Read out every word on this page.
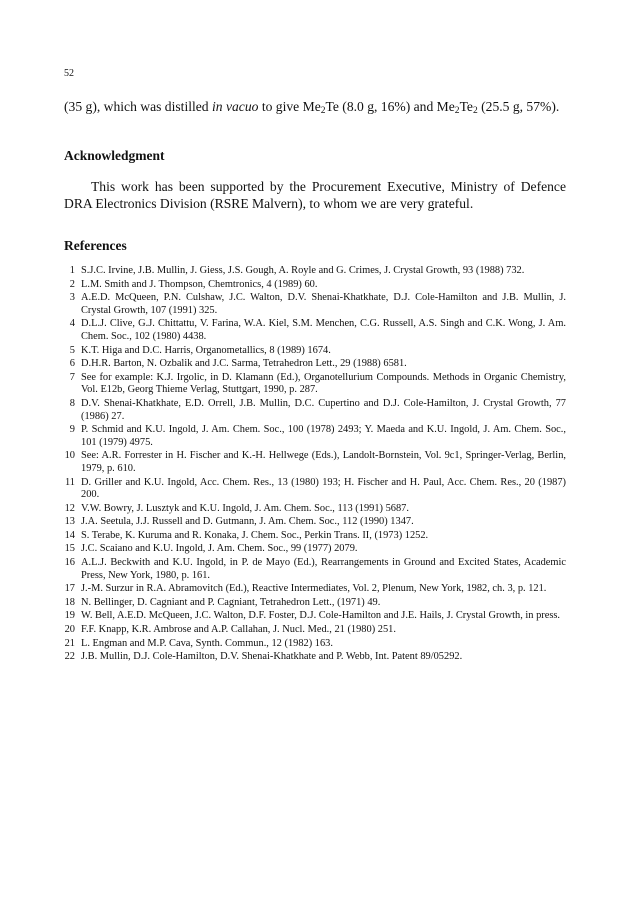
52

(35 g), which was distilled in vacuo to give $Me_2Te$ (8.0 g, 16%) and $Me_2Te_2$ (25.5 g, 57%).

Acknowledgment

This work has been supported by the Procurement Executive, Ministry of Defence DRA Electronics Division (RSRE Malvern), to whom we are very grateful.

References
1 S.J.C. Irvine, J.B. Mullin, J. Giess, J.S. Gough, A. Royle and G. Crimes, J. Crystal Growth, 93 (1988) 732.
2 L.M. Smith and J. Thompson, Chemtronics, 4 (1989) 60.
3 A.E.D. McQueen, P.N. Culshaw, J.C. Walton, D.V. Shenai-Khatkhate, D.J. Cole-Hamilton and J.B. Mullin, J. Crystal Growth, 107 (1991) 325.
4 D.L.J. Clive, G.J. Chittattu, V. Farina, W.A. Kiel, S.M. Menchen, C.G. Russell, A.S. Singh and C.K. Wong, J. Am. Chem. Soc., 102 (1980) 4438.
5 K.T. Higa and D.C. Harris, Organometallics, 8 (1989) 1674.
6 D.H.R. Barton, N. Ozbalik and J.C. Sarma, Tetrahedron Lett., 29 (1988) 6581.
7 See for example: K.J. Irgolic, in D. Klamann (Ed.), Organotellurium Compounds. Methods in Organic Chemistry, Vol. E12b, Georg Thieme Verlag, Stuttgart, 1990, p. 287.
8 D.V. Shenai-Khatkhate, E.D. Orrell, J.B. Mullin, D.C. Cupertino and D.J. Cole-Hamilton, J. Crystal Growth, 77 (1986) 27.
9 P. Schmid and K.U. Ingold, J. Am. Chem. Soc., 100 (1978) 2493; Y. Maeda and K.U. Ingold, J. Am. Chem. Soc., 101 (1979) 4975.
10 See: A.R. Forrester in H. Fischer and K.-H. Hellwege (Eds.), Landolt-Bornstein, Vol. 9c1, Springer-Verlag, Berlin, 1979, p. 610.
11 D. Griller and K.U. Ingold, Acc. Chem. Res., 13 (1980) 193; H. Fischer and H. Paul, Acc. Chem. Res., 20 (1987) 200.
12 V.W. Bowry, J. Lusztyk and K.U. Ingold, J. Am. Chem. Soc., 113 (1991) 5687.
13 J.A. Seetula, J.J. Russell and D. Gutmann, J. Am. Chem. Soc., 112 (1990) 1347.
14 S. Terabe, K. Kuruma and R. Konaka, J. Chem. Soc., Perkin Trans. II, (1973) 1252.
15 J.C. Scaiano and K.U. Ingold, J. Am. Chem. Soc., 99 (1977) 2079.
16 A.L.J. Beckwith and K.U. Ingold, in P. de Mayo (Ed.), Rearrangements in Ground and Excited States, Academic Press, New York, 1980, p. 161.
17 J.-M. Surzur in R.A. Abramovitch (Ed.), Reactive Intermediates, Vol. 2, Plenum, New York, 1982, ch. 3, p. 121.
18 N. Bellinger, D. Cagniant and P. Cagniant, Tetrahedron Lett., (1971) 49.
19 W. Bell, A.E.D. McQueen, J.C. Walton, D.F. Foster, D.J. Cole-Hamilton and J.E. Hails, J. Crystal Growth, in press.
20 F.F. Knapp, K.R. Ambrose and A.P. Callahan, J. Nucl. Med., 21 (1980) 251.
21 L. Engman and M.P. Cava, Synth. Commun., 12 (1982) 163.
22 J.B. Mullin, D.J. Cole-Hamilton, D.V. Shenai-Khatkhate and P. Webb, Int. Patent 89/05292.
